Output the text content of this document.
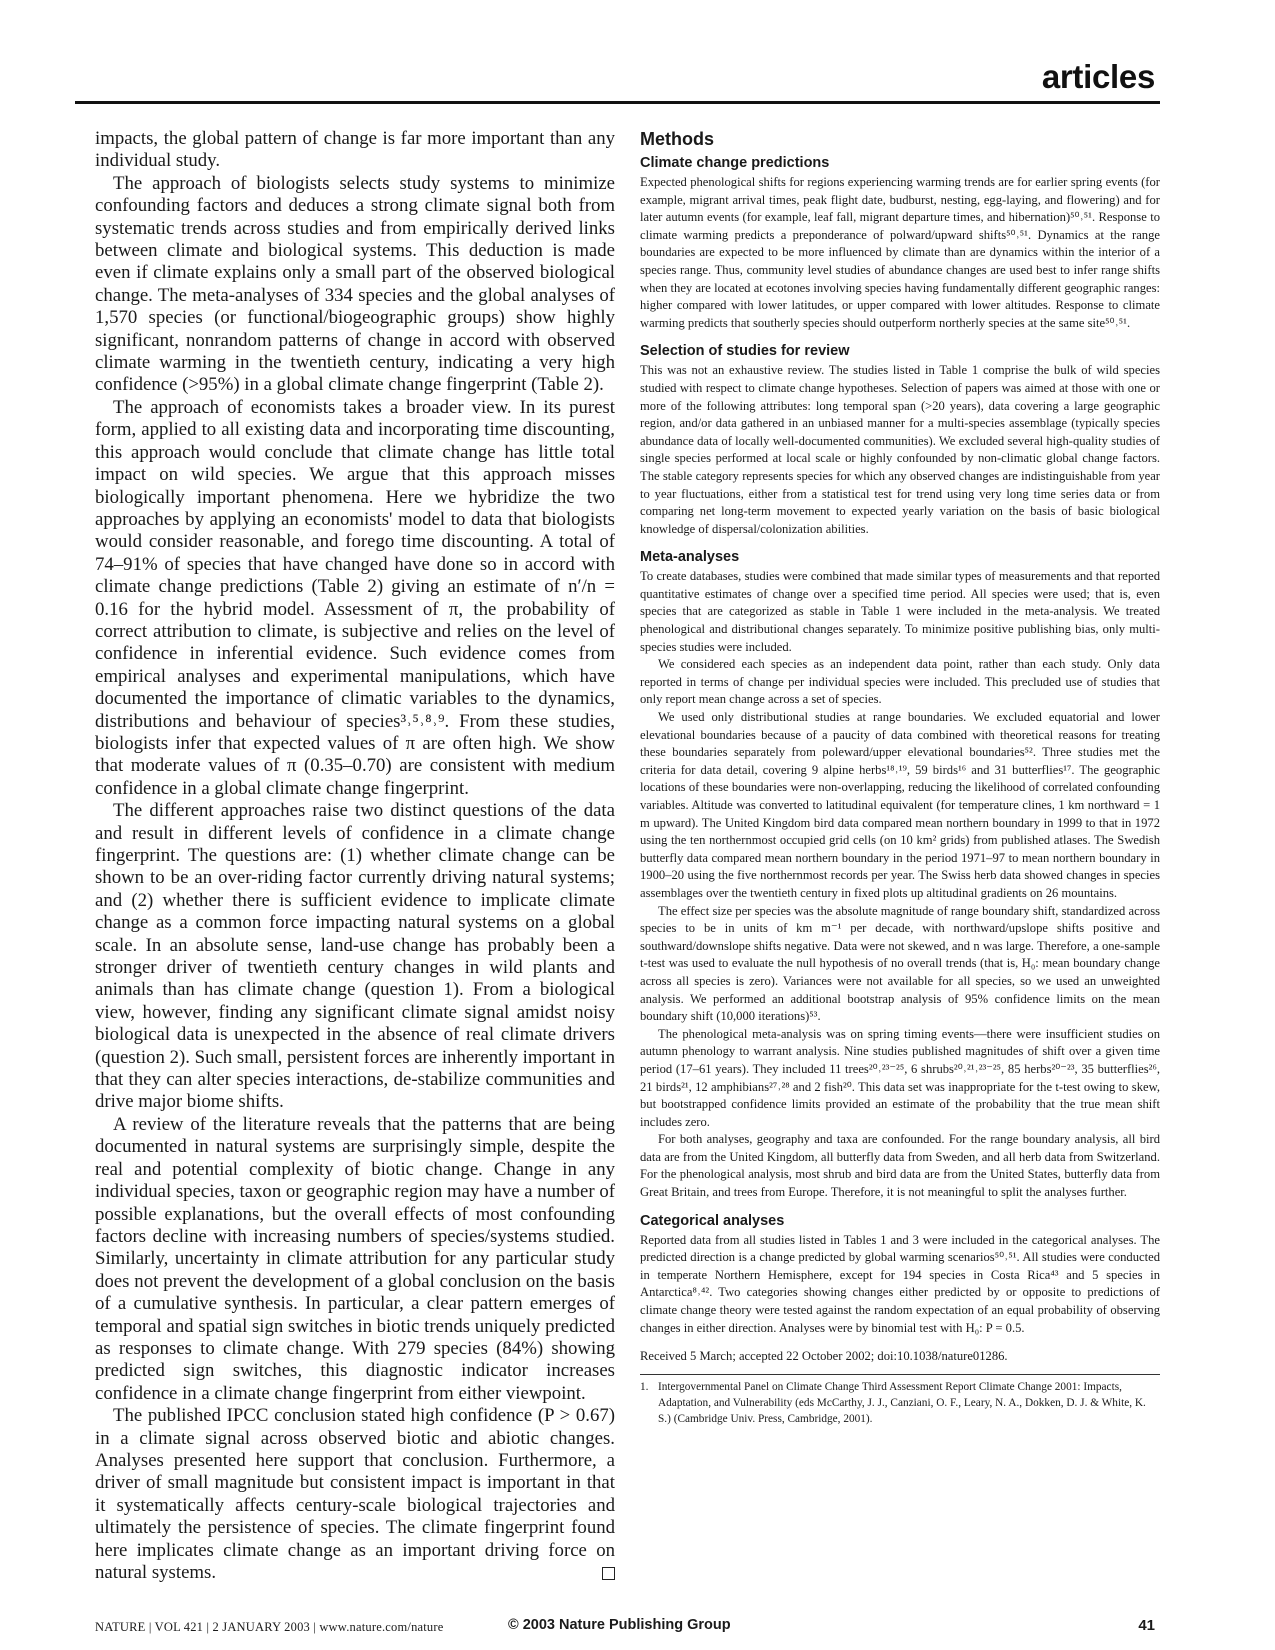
articles

impacts, the global pattern of change is far more important than any individual study.

The approach of biologists selects study systems to minimize confounding factors and deduces a strong climate signal both from systematic trends across studies and from empirically derived links between climate and biological systems. This deduction is made even if climate explains only a small part of the observed biological change. The meta-analyses of 334 species and the global analyses of 1,570 species (or functional/biogeographic groups) show highly significant, nonrandom patterns of change in accord with observed climate warming in the twentieth century, indicating a very high confidence (>95%) in a global climate change fingerprint (Table 2).

The approach of economists takes a broader view. In its purest form, applied to all existing data and incorporating time discounting, this approach would conclude that climate change has little total impact on wild species. We argue that this approach misses biologically important phenomena. Here we hybridize the two approaches by applying an economists' model to data that biologists would consider reasonable, and forego time discounting. A total of 74–91% of species that have changed have done so in accord with climate change predictions (Table 2) giving an estimate of n′/n = 0.16 for the hybrid model. Assessment of π, the probability of correct attribution to climate, is subjective and relies on the level of confidence in inferential evidence. Such evidence comes from empirical analyses and experimental manipulations, which have documented the importance of climatic variables to the dynamics, distributions and behaviour of species³˒⁵˒⁸˒⁹. From these studies, biologists infer that expected values of π are often high. We show that moderate values of π (0.35–0.70) are consistent with medium confidence in a global climate change fingerprint.

The different approaches raise two distinct questions of the data and result in different levels of confidence in a climate change fingerprint. The questions are: (1) whether climate change can be shown to be an over-riding factor currently driving natural systems; and (2) whether there is sufficient evidence to implicate climate change as a common force impacting natural systems on a global scale. In an absolute sense, land-use change has probably been a stronger driver of twentieth century changes in wild plants and animals than has climate change (question 1). From a biological view, however, finding any significant climate signal amidst noisy biological data is unexpected in the absence of real climate drivers (question 2). Such small, persistent forces are inherently important in that they can alter species interactions, de-stabilize communities and drive major biome shifts.

A review of the literature reveals that the patterns that are being documented in natural systems are surprisingly simple, despite the real and potential complexity of biotic change. Change in any individual species, taxon or geographic region may have a number of possible explanations, but the overall effects of most confounding factors decline with increasing numbers of species/systems studied. Similarly, uncertainty in climate attribution for any particular study does not prevent the development of a global conclusion on the basis of a cumulative synthesis. In particular, a clear pattern emerges of temporal and spatial sign switches in biotic trends uniquely predicted as responses to climate change. With 279 species (84%) showing predicted sign switches, this diagnostic indicator increases confidence in a climate change fingerprint from either viewpoint.

The published IPCC conclusion stated high confidence (P > 0.67) in a climate signal across observed biotic and abiotic changes. Analyses presented here support that conclusion. Furthermore, a driver of small magnitude but consistent impact is important in that it systematically affects century-scale biological trajectories and ultimately the persistence of species. The climate fingerprint found here implicates climate change as an important driving force on natural systems.

Methods
Climate change predictions

Expected phenological shifts for regions experiencing warming trends are for earlier spring events (for example, migrant arrival times, peak flight date, budburst, nesting, egg-laying, and flowering) and for later autumn events (for example, leaf fall, migrant departure times, and hibernation)⁵⁰˒⁵¹. Response to climate warming predicts a preponderance of polward/upward shifts⁵⁰˒⁵¹. Dynamics at the range boundaries are expected to be more influenced by climate than are dynamics within the interior of a species range. Thus, community level studies of abundance changes are used best to infer range shifts when they are located at ecotones involving species having fundamentally different geographic ranges: higher compared with lower latitudes, or upper compared with lower altitudes. Response to climate warming predicts that southerly species should outperform northerly species at the same site⁵⁰˒⁵¹.

Selection of studies for review

This was not an exhaustive review. The studies listed in Table 1 comprise the bulk of wild species studied with respect to climate change hypotheses. Selection of papers was aimed at those with one or more of the following attributes: long temporal span (>20 years), data covering a large geographic region, and/or data gathered in an unbiased manner for a multi-species assemblage (typically species abundance data of locally well-documented communities). We excluded several high-quality studies of single species performed at local scale or highly confounded by non-climatic global change factors. The stable category represents species for which any observed changes are indistinguishable from year to year fluctuations, either from a statistical test for trend using very long time series data or from comparing net long-term movement to expected yearly variation on the basis of basic biological knowledge of dispersal/colonization abilities.

Meta-analyses

To create databases, studies were combined that made similar types of measurements and that reported quantitative estimates of change over a specified time period. All species were used; that is, even species that are categorized as stable in Table 1 were included in the meta-analysis. We treated phenological and distributional changes separately. To minimize positive publishing bias, only multi-species studies were included.

We considered each species as an independent data point, rather than each study. Only data reported in terms of change per individual species were included. This precluded use of studies that only report mean change across a set of species.

We used only distributional studies at range boundaries. We excluded equatorial and lower elevational boundaries because of a paucity of data combined with theoretical reasons for treating these boundaries separately from poleward/upper elevational boundaries⁵². Three studies met the criteria for data detail, covering 9 alpine herbs¹⁸˒¹⁹, 59 birds¹⁶ and 31 butterflies¹⁷. The geographic locations of these boundaries were non-overlapping, reducing the likelihood of correlated confounding variables. Altitude was converted to latitudinal equivalent (for temperature clines, 1 km northward = 1 m upward). The United Kingdom bird data compared mean northern boundary in 1999 to that in 1972 using the ten northernmost occupied grid cells (on 10 km² grids) from published atlases. The Swedish butterfly data compared mean northern boundary in the period 1971–97 to mean northern boundary in 1900–20 using the five northernmost records per year. The Swiss herb data showed changes in species assemblages over the twentieth century in fixed plots up altitudinal gradients on 26 mountains.

The effect size per species was the absolute magnitude of range boundary shift, standardized across species to be in units of km m⁻¹ per decade, with northward/upslope shifts positive and southward/downslope shifts negative. Data were not skewed, and n was large. Therefore, a one-sample t-test was used to evaluate the null hypothesis of no overall trends (that is, H₀: mean boundary change across all species is zero). Variances were not available for all species, so we used an unweighted analysis. We performed an additional bootstrap analysis of 95% confidence limits on the mean boundary shift (10,000 iterations)⁵³.

The phenological meta-analysis was on spring timing events—there were insufficient studies on autumn phenology to warrant analysis. Nine studies published magnitudes of shift over a given time period (17–61 years). They included 11 trees²⁰˒²³⁻²⁵, 6 shrubs²⁰˒²¹˒²³⁻²⁵, 85 herbs²⁰⁻²³, 35 butterflies²⁶, 21 birds²¹, 12 amphibians²⁷˒²⁸ and 2 fish²⁰. This data set was inappropriate for the t-test owing to skew, but bootstrapped confidence limits provided an estimate of the probability that the true mean shift includes zero.

For both analyses, geography and taxa are confounded. For the range boundary analysis, all bird data are from the United Kingdom, all butterfly data from Sweden, and all herb data from Switzerland. For the phenological analysis, most shrub and bird data are from the United States, butterfly data from Great Britain, and trees from Europe. Therefore, it is not meaningful to split the analyses further.

Categorical analyses

Reported data from all studies listed in Tables 1 and 3 were included in the categorical analyses. The predicted direction is a change predicted by global warming scenarios⁵⁰˒⁵¹. All studies were conducted in temperate Northern Hemisphere, except for 194 species in Costa Rica⁴³ and 5 species in Antarctica⁸˒⁴². Two categories showing changes either predicted by or opposite to predictions of climate change theory were tested against the random expectation of an equal probability of observing changes in either direction. Analyses were by binomial test with H₀: P = 0.5.

Received 5 March; accepted 22 October 2002; doi:10.1038/nature01286.

1. Intergovernmental Panel on Climate Change Third Assessment Report Climate Change 2001: Impacts, Adaptation, and Vulnerability (eds McCarthy, J. J., Canziani, O. F., Leary, N. A., Dokken, D. J. & White, K. S.) (Cambridge Univ. Press, Cambridge, 2001).

NATURE | VOL 421 | 2 JANUARY 2003 | www.nature.com/nature	© 2003 Nature Publishing Group	41
